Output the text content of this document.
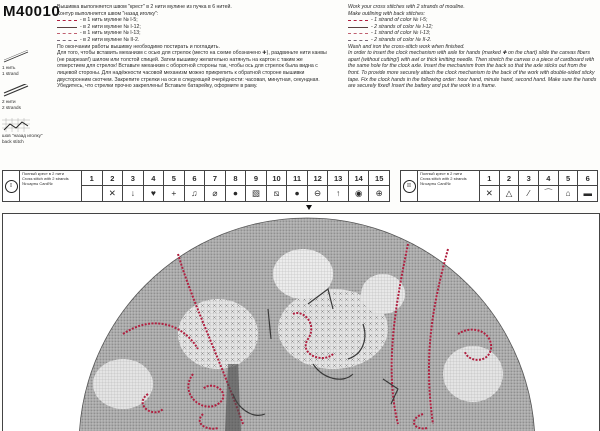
M40010

Вышивка выполняется швом "крест" в 2 нити мулине из пучка в 6 нитей.

Контур выполняется швом "назад иголку":

- в 1 нить мулине № I-5;

- в 2 нити мулине № I-12;

- в 1 нить мулине № I-13;

- в 2 нити мулине № II-2.

По окончании работы вышивку необходимо постирать и погладить.

Для того, чтобы вставить механизм с осью для стрелок (место на схеме обозначено ✚), раздвиньте нити канвы (не разрезая!) шилом или толстой спицей. Затем вышивку желательно натянуть на картон с таким же отверстием для стрелок! Вставьте механизм с оборотной стороны так, чтобы ось для стрелок была видна с лицевой стороны. Для надёжности часовой механизм можно прикрепить к обратной стороне вышивки двусторонним скотчем. Закрепите стрелки на оси в следующей очерёдности: часовая, минутная, секундная. Убедитесь, что стрелки прочно закреплены! Вставьте батарейку, оформите в раму.

Work your cross stitches with 2 strands of mouline.

Make outlining with back stitches:

- 1 strand of color № I-5;

- 2 strands of color № I-12;

- 1 strand of color № I-13;

- 2 strands of color № II-2.

Wash and iron the cross-stitch work when finished.

In order to insert the clock mechanism with axle for hands (marked ✚ on the chart) slide the canvas fibers apart (without cutting!) with awl or thick knitting needle. Then stretch the canvas o a piece of cardboard with the same hole for the clock axle. Insert the mechanism from the back so that the axle sticks out from the front. To provide more securely attach the clock mechanism to the back of the work with double-sided sticky tape. Fix the clock hands in the following order: hour hand, minute hand, second hand. Make sure the hands are securely fixed! Insert the battery and put the work in a frame.

1 нить
1 strand
2 нити
2 strands
шов "назад иголку"
back stitch
I
Полный крест в 2 нити
Cross stitch with 2 strands
№ карты Card№
1	2
✕
3
↓
4
♥
5
+
6
♫
7
⌀
8
●
9
▧
10
⧅
11
●
12
⊖
13
↑
14
◉
15
⊕
II
Полный крест в 2 нити
Cross stitch with 2 strands
№ карты Card№
1
✕
2
△
3
⁄
4
⌒
5
⌂
6
▬
